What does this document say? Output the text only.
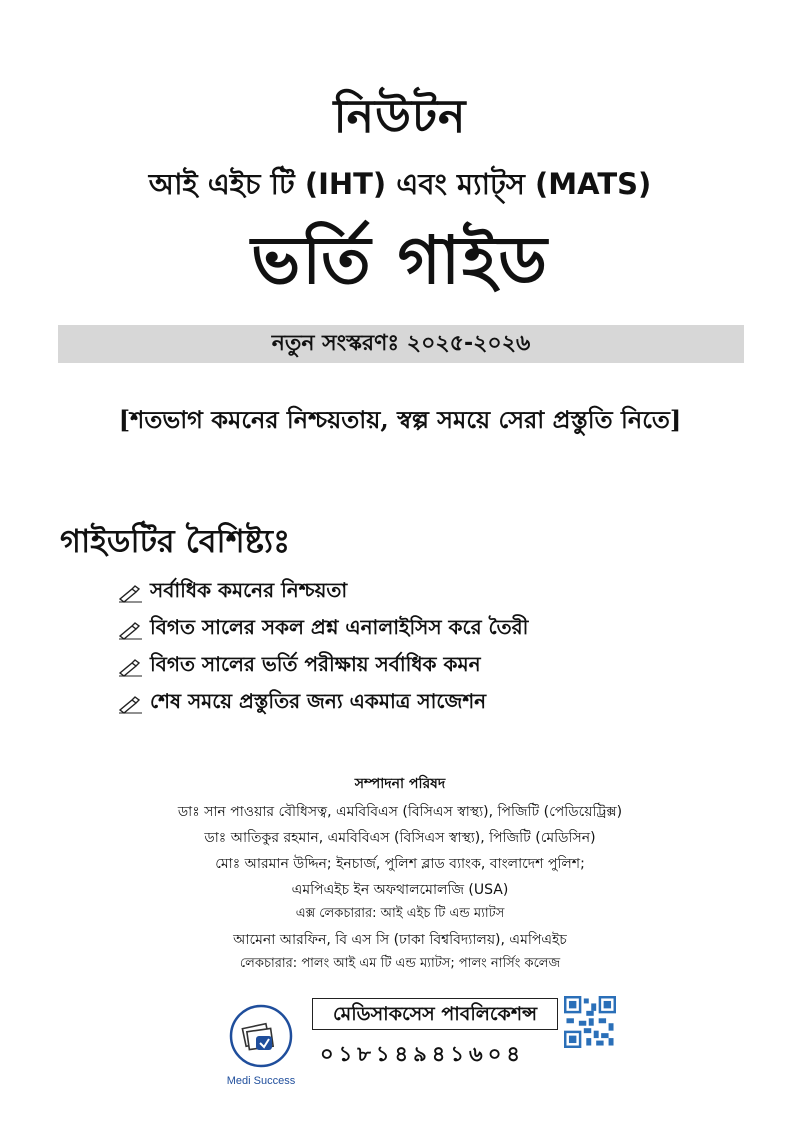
নিউটন
আই এইচ টি (IHT) এবং ম্যাট্স (MATS)
ভর্তি গাইড
নতুন সংস্করণঃ ২০২৫-২০২৬
[শতভাগ কমনের নিশ্চয়তায়, স্বল্প সময়ে সেরা প্রস্তুতি নিতে]
গাইডটির বৈশিষ্ট্যঃ
সর্বাধিক কমনের নিশ্চয়তা
বিগত সালের সকল প্রশ্ন এনালাইসিস করে তৈরী
বিগত সালের ভর্তি পরীক্ষায় সর্বাধিক কমন
শেষ সময়ে প্রস্তুতির জন্য একমাত্র সাজেশন
সম্পাদনা পরিষদ
ডাঃ সান পাওয়ার বৌধিসত্ব, এমবিবিএস (বিসিএস স্বাস্থ্য), পিজিটি (পেডিয়েট্রিক্স)
ডাঃ আতিকুর রহমান, এমবিবিএস (বিসিএস স্বাস্থ্য), পিজিটি (মেডিসিন)
মোঃ আরমান উদ্দিন; ইনচার্জ, পুলিশ ব্লাড ব্যাংক, বাংলাদেশ পুলিশ;
এমপিএইচ ইন অফথালমোলজি (USA)
এক্স লেকচারার: আই এইচ টি এন্ড ম্যাটস
আমেনা আরফিন, বি এস সি (ঢাকা বিশ্ববিদ্যালয়), এমপিএইচ
লেকচারার: পালং আই এম টি এন্ড ম্যাটস; পালং নার্সিং কলেজ
Medi Success
মেডিসাকসেস পাবলিকেশন্স
০১৮১৪৯৪১৬০৪
